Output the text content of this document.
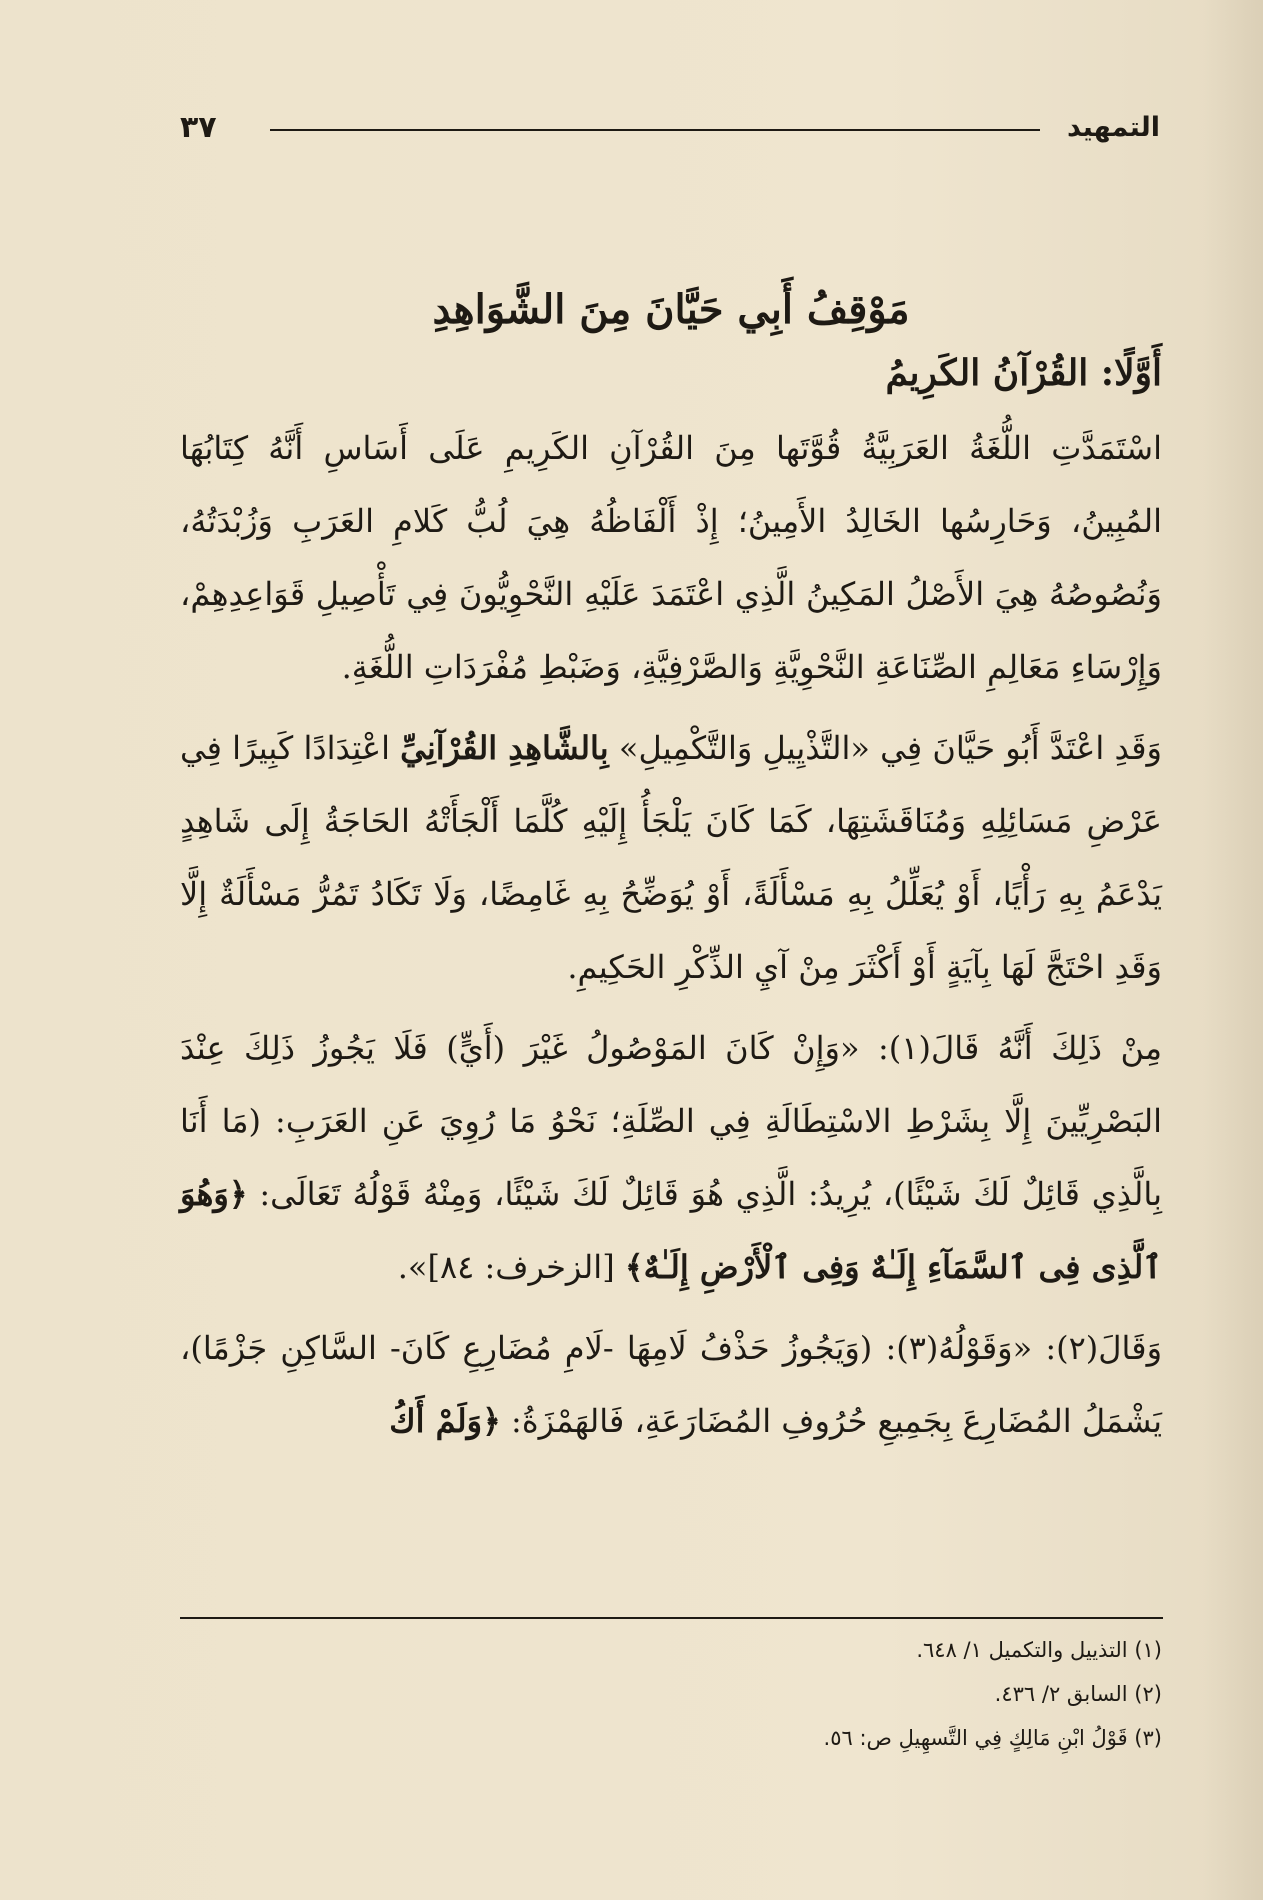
التمهيد
٣٧
مَوْقِفُ أَبِي حَيَّانَ مِنَ الشَّوَاهِدِ
أَوَّلًا: القُرْآنُ الكَرِيمُ

اسْتَمَدَّتِ اللُّغَةُ العَرَبِيَّةُ قُوَّتَها مِنَ القُرْآنِ الكَرِيمِ عَلَى أَسَاسِ أَنَّهُ كِتَابُهَا المُبِينُ، وَحَارِسُها الخَالِدُ الأَمِينُ؛ إِذْ أَلْفَاظُهُ هِيَ لُبُّ كَلامِ العَرَبِ وَزُبْدَتُهُ، وَنُصُوصُهُ هِيَ الأَصْلُ المَكِينُ الَّذِي اعْتَمَدَ عَلَيْهِ النَّحْوِيُّونَ فِي تَأْصِيلِ قَوَاعِدِهِمْ، وَإِرْسَاءِ مَعَالِمِ الصِّنَاعَةِ النَّحْوِيَّةِ وَالصَّرْفِيَّةِ، وَضَبْطِ مُفْرَدَاتِ اللُّغَةِ.

وَقَدِ اعْتَدَّ أَبُو حَيَّانَ فِي «التَّذْيِيلِ وَالتَّكْمِيلِ» بِالشَّاهِدِ القُرْآنِيِّ اعْتِدَادًا كَبِيرًا فِي عَرْضِ مَسَائِلِهِ وَمُنَاقَشَتِهَا، كَمَا كَانَ يَلْجَأُ إِلَيْهِ كُلَّمَا أَلْجَأَتْهُ الحَاجَةُ إِلَى شَاهِدٍ يَدْعَمُ بِهِ رَأْيًا، أَوْ يُعَلِّلُ بِهِ مَسْأَلَةً، أَوْ يُوَضِّحُ بِهِ غَامِضًا، وَلَا تَكَادُ تَمُرُّ مَسْأَلَةٌ إِلَّا وَقَدِ احْتَجَّ لَهَا بِآيَةٍ أَوْ أَكْثَرَ مِنْ آيِ الذِّكْرِ الحَكِيمِ.

مِنْ ذَلِكَ أَنَّهُ قَالَ(١): «وَإِنْ كَانَ المَوْصُولُ غَيْرَ (أَيٍّ) فَلَا يَجُوزُ ذَلِكَ عِنْدَ البَصْرِيِّينَ إِلَّا بِشَرْطِ الاسْتِطَالَةِ فِي الصِّلَةِ؛ نَحْوُ مَا رُوِيَ عَنِ العَرَبِ: (مَا أَنَا بِالَّذِي قَائِلٌ لَكَ شَيْئًا)، يُرِيدُ: الَّذِي هُوَ قَائِلٌ لَكَ شَيْئًا، وَمِنْهُ قَوْلُهُ تَعَالَى: ﴿وَهُوَ ٱلَّذِى فِى ٱلسَّمَآءِ إِلَـٰهٌ وَفِى ٱلْأَرْضِ إِلَـٰهٌ﴾ [الزخرف: ٨٤]».

وَقَالَ(٢): «وَقَوْلُهُ(٣): (وَيَجُوزُ حَذْفُ لَامِهَا -لَامِ مُضَارِعِ كَانَ- السَّاكِنِ جَزْمًا)، يَشْمَلُ المُضَارِعَ بِجَمِيعِ حُرُوفِ المُضَارَعَةِ، فَالهَمْزَةُ: ﴿وَلَمْ أَكُ

(١) التذييل والتكميل ١/ ٦٤٨.
(٢) السابق ٢/ ٤٣٦.
(٣) قَوْلُ ابْنِ مَالِكٍ فِي التَّسهِيلِ ص: ٥٦.
